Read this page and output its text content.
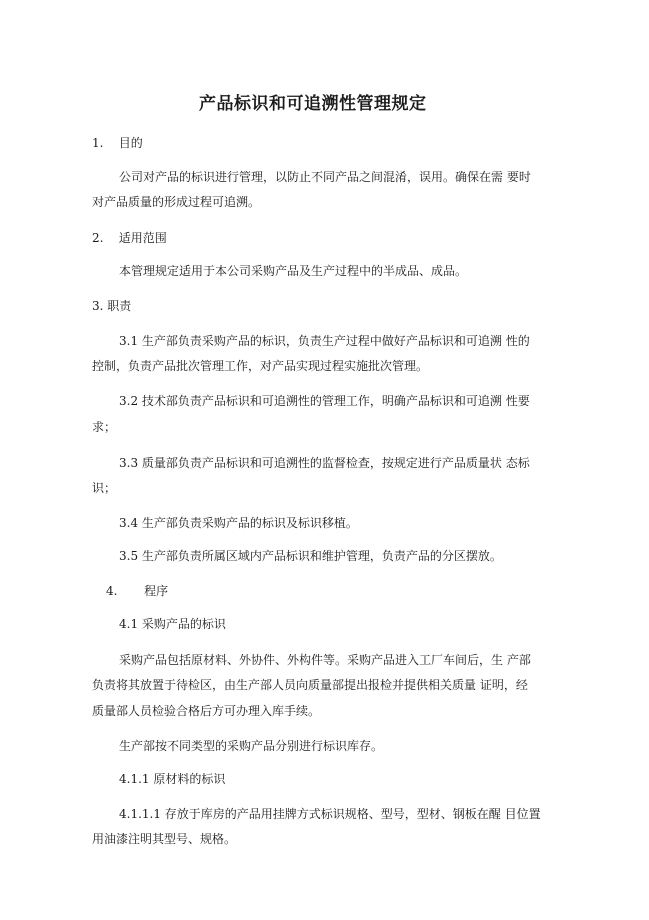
产品标识和可追溯性管理规定

1.    目的

公司对产品的标识进行管理，以防止不同产品之间混淆，误用。确保在需 要时

对产品质量的形成过程可追溯。

2.    适用范围

本管理规定适用于本公司采购产品及生产过程中的半成品、成品。

3. 职责

3.1 生产部负责采购产品的标识，负责生产过程中做好产品标识和可追溯 性的

控制，负责产品批次管理工作，对产品实现过程实施批次管理。

3.2 技术部负责产品标识和可追溯性的管理工作，明确产品标识和可追溯 性要

求；

3.3 质量部负责产品标识和可追溯性的监督检查，按规定进行产品质量状 态标

识；

3.4 生产部负责采购产品的标识及标识移植。

3.5 生产部负责所属区域内产品标识和维护管理，负责产品的分区摆放。

4.       程序

4.1 采购产品的标识

采购产品包括原材料、外协件、外构件等。采购产品进入工厂车间后，生 产部

负责将其放置于待检区，由生产部人员向质量部提出报检并提供相关质量 证明，经

质量部人员检验合格后方可办理入库手续。

生产部按不同类型的采购产品分别进行标识库存。

4.1.1 原材料的标识

4.1.1.1 存放于库房的产品用挂牌方式标识规格、型号，型材、钢板在醒 目位置

用油漆注明其型号、规格。
